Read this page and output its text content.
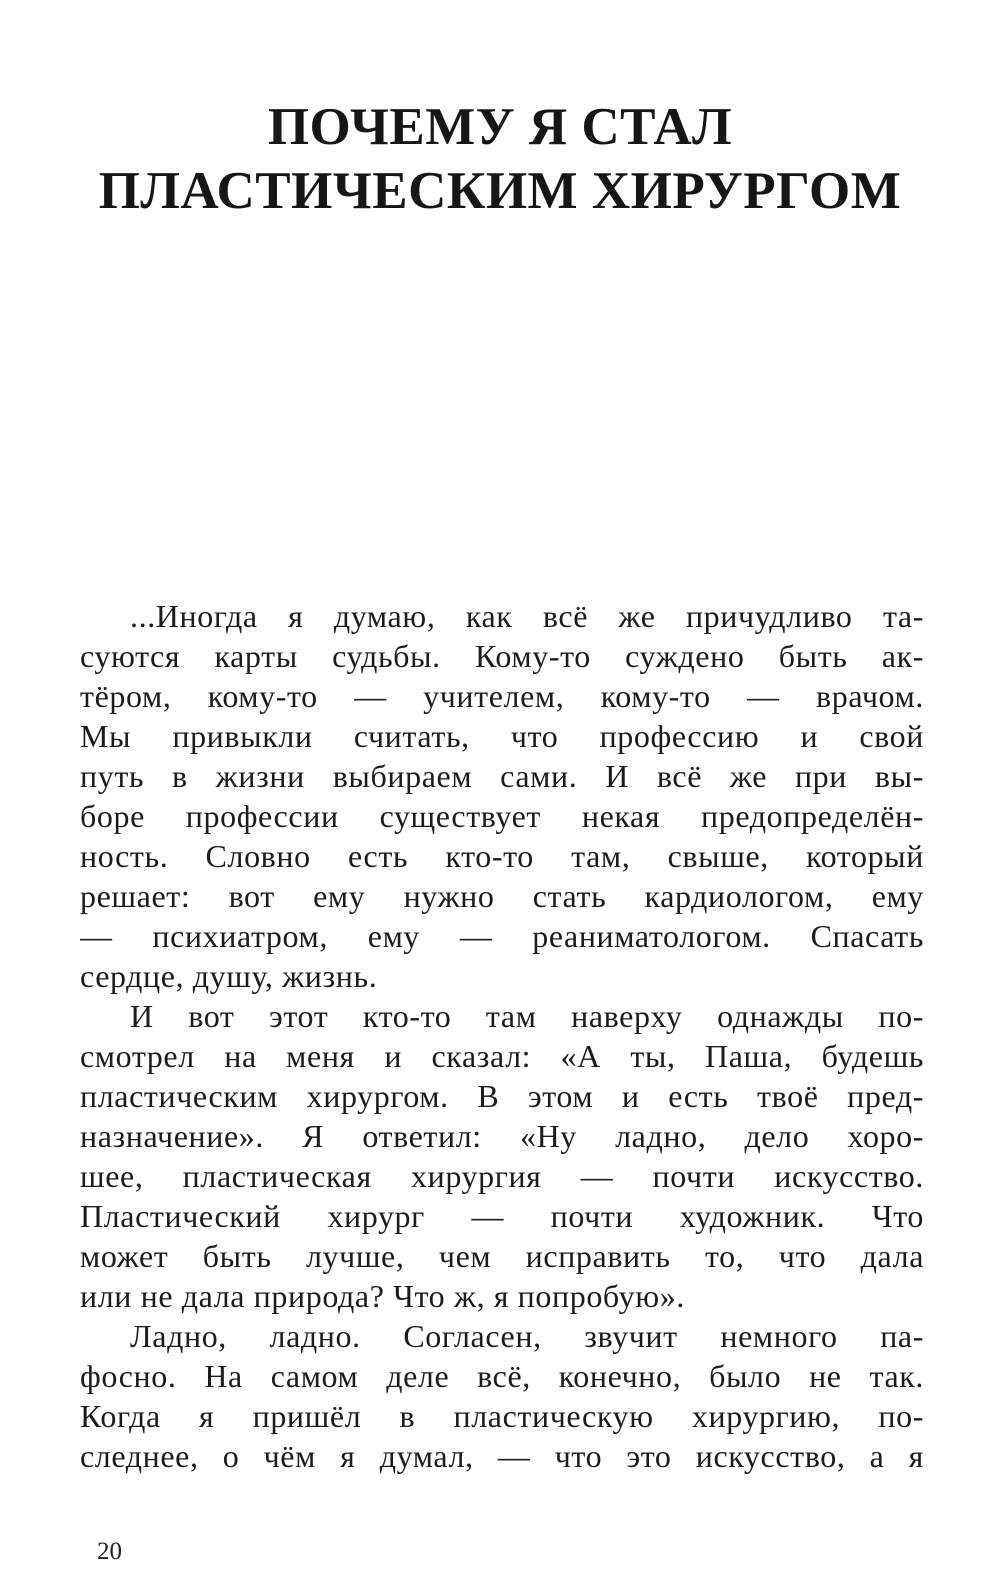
ПОЧЕМУ Я СТАЛ
ПЛАСТИЧЕСКИМ ХИРУРГОМ

...Иногда я думаю, как всё же причудливо та-
суются карты судьбы. Кому-то суждено быть ак-
тёром, кому-то — учителем, кому-то — врачом.
Мы привыкли считать, что профессию и свой
путь в жизни выбираем сами. И всё же при вы-
боре профессии существует некая предопределён-
ность. Словно есть кто-то там, свыше, который
решает: вот ему нужно стать кардиологом, ему
— психиатром, ему — реаниматологом. Спасать
сердце, душу, жизнь.

И вот этот кто-то там наверху однажды по-
смотрел на меня и сказал: «А ты, Паша, будешь
пластическим хирургом. В этом и есть твоё пред-
назначение». Я ответил: «Ну ладно, дело хоро-
шее, пластическая хирургия — почти искусство.
Пластический хирург — почти художник. Что
может быть лучше, чем исправить то, что дала
или не дала природа? Что ж, я попробую».

Ладно, ладно. Согласен, звучит немного па-
фосно. На самом деле всё, конечно, было не так.
Когда я пришёл в пластическую хирургию, по-
следнее, о чём я думал, — что это искусство, а я

20
